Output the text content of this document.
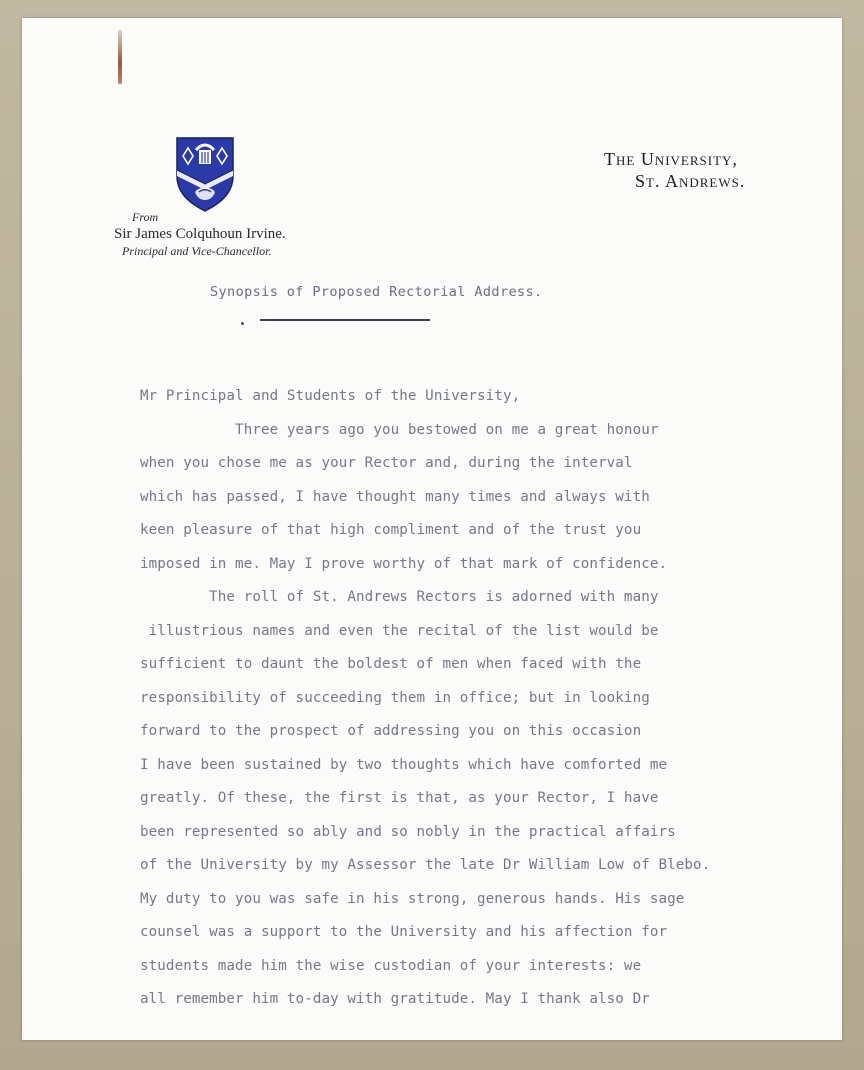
From
Sir James Colquhoun Irvine.
Principal and Vice-Chancellor.
The University,
St. Andrews.
Synopsis of Proposed Rectorial Address.
Mr Principal and Students of the University,
Three years ago you bestowed on me a great honour
when you chose me as your Rector and, during the interval
which has passed, I have thought many times and always with
keen pleasure of that high compliment and of the trust you
imposed in me. May I prove worthy of that mark of confidence.
The roll of St. Andrews Rectors is adorned with many
illustrious names and even the recital of the list would be
sufficient to daunt the boldest of men when faced with the
responsibility of succeeding them in office; but in looking
forward to the prospect of addressing you on this occasion
I have been sustained by two thoughts which have comforted me
greatly. Of these, the first is that, as your Rector, I have
been represented so ably and so nobly in the practical affairs
of the University by my Assessor the late Dr William Low of Blebo.
My duty to you was safe in his strong, generous hands. His sage
counsel was a support to the University and his affection for
students made him the wise custodian of your interests: we
all remember him to-day with gratitude. May I thank also Dr
